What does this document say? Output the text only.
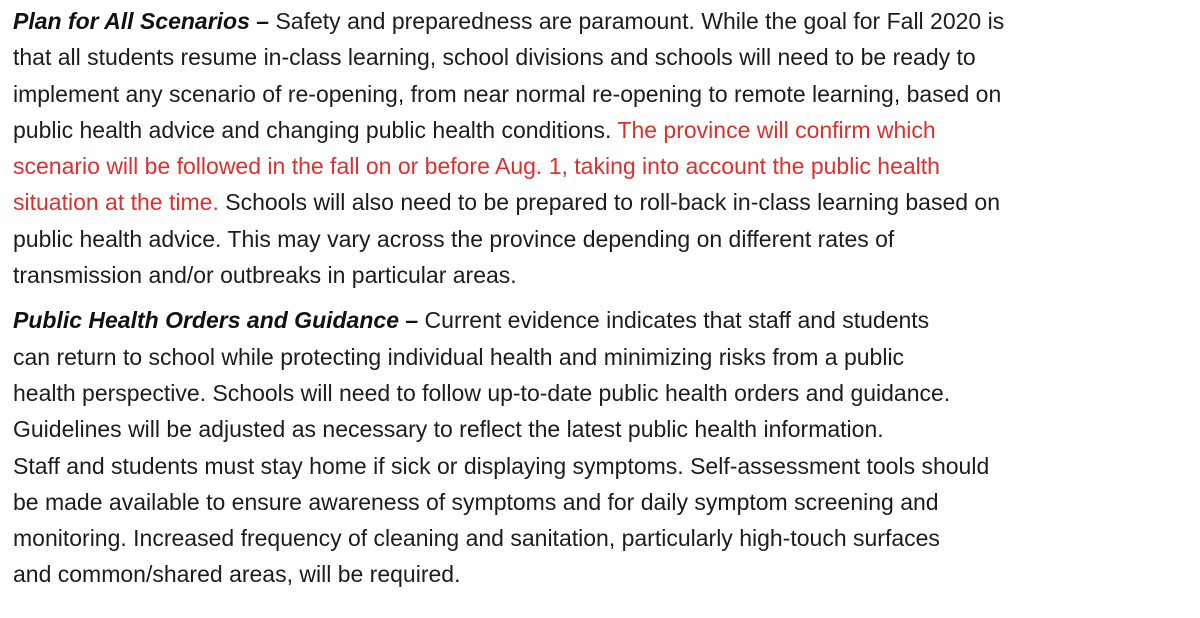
Plan for All Scenarios – Safety and preparedness are paramount. While the goal for Fall 2020 is
that all students resume in-class learning, school divisions and schools will need to be ready to
implement any scenario of re-opening, from near normal re-opening to remote learning, based on
public health advice and changing public health conditions. The province will confirm which
scenario will be followed in the fall on or before Aug. 1, taking into account the public health
situation at the time. Schools will also need to be prepared to roll-back in-class learning based on
public health advice. This may vary across the province depending on different rates of
transmission and/or outbreaks in particular areas.

Public Health Orders and Guidance – Current evidence indicates that staff and students
can return to school while protecting individual health and minimizing risks from a public
health perspective. Schools will need to follow up-to-date public health orders and guidance.
Guidelines will be adjusted as necessary to reflect the latest public health information.
Staff and students must stay home if sick or displaying symptoms. Self-assessment tools should
be made available to ensure awareness of symptoms and for daily symptom screening and
monitoring. Increased frequency of cleaning and sanitation, particularly high-touch surfaces
and common/shared areas, will be required.
